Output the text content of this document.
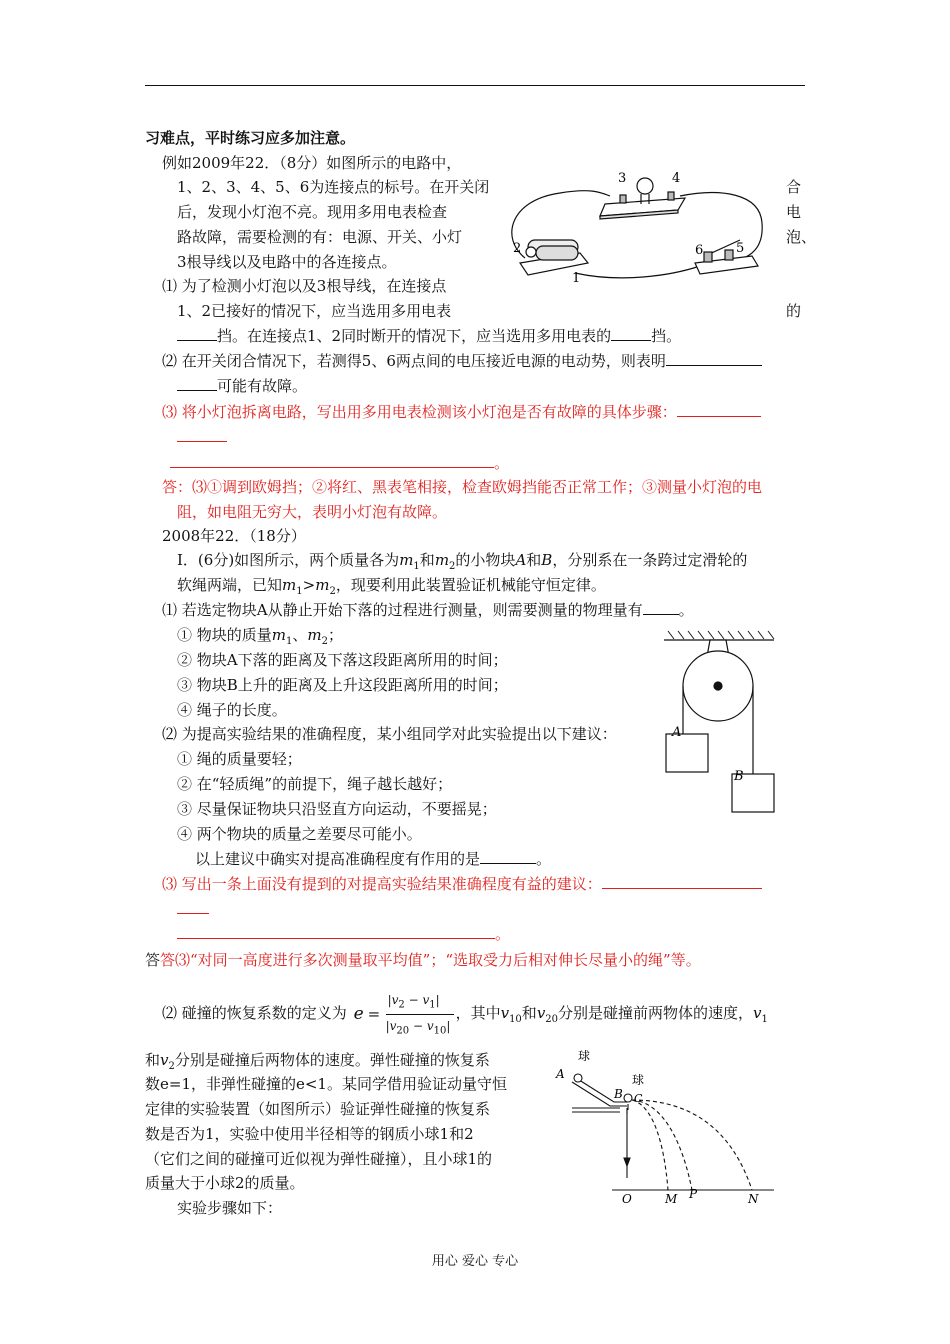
习难点，平时练习应多加注意。
例如2009年22．（8分）如图所示的电路中，
1、2、3、4、5、6为连接点的标号。在开关闭	合
后，发现小灯泡不亮。现用多用电表检查	电
路故障，需要检测的有：电源、开关、小灯	泡、
3根导线以及电路中的各连接点。
⑴ 为了检测小灯泡以及3根导线，在连接点
1、2已接好的情况下，应当选用多用电表	的
挡。在连接点1、2同时断开的情况下，应当选用多用电表的	挡。
⑵ 在开关闭合情况下，若测得5、6两点间的电压接近电源的电动势，则表明
可能有故障。
⑶ 将小灯泡拆离电路，写出用多用电表检测该小灯泡是否有故障的具体步骤：
。
答：⑶①调到欧姆挡；②将红、黑表笔相接，检查欧姆挡能否正常工作；③测量小灯泡的电
阻，如电阻无穷大，表明小灯泡有故障。
3	4
2	6	5
1
2008年22．（18分）
Ⅰ．(6分)如图所示，两个质量各为$m_1$和$m_2$的小物块A和B，分别系在一条跨过定滑轮的
软绳两端，已知$m_1>m_2$，现要利用此装置验证机械能守恒定律。
⑴ 若选定物块A从静止开始下落的过程进行测量，则需要测量的物理量有 。
① 物块的质量$m_1$、$m_2$；
② 物块A下落的距离及下落这段距离所用的时间；
③ 物块B上升的距离及上升这段距离所用的时间；
④ 绳子的长度。
⑵ 为提高实验结果的准确程度，某小组同学对此实验提出以下建议：
① 绳的质量要轻；
② 在“轻质绳”的前提下，绳子越长越好；
③ 尽量保证物块只沿竖直方向运动，不要摇晃；
④ 两个物块的质量之差要尽可能小。
以上建议中确实对提高准确程度有作用的是	。
⑶ 写出一条上面没有提到的对提高实验结果准确程度有益的建议：
。
答答⑶“对同一高度进行多次测量取平均值”；“选取受力后相对伸长尽量小的绳”等。
A
B
⑵ 碰撞的恢复系数的定义为 e =
$|v_2 - v_1|$
$|v_{20} - v_{10}|$
，其中$v_{10}$和$v_{20}$分别是碰撞前两物体的速度，$v_1$
和$v_2$分别是碰撞后两物体的速度。弹性碰撞的恢复系
数e=1，非弹性碰撞的e<1。某同学借用验证动量守恒
定律的实验装置（如图所示）验证弹性碰撞的恢复系
数是否为1，实验中使用半径相等的钢质小球1和2
（它们之间的碰撞可近似视为弹性碰撞），且小球1的
质量大于小球2的质量。
实验步骤如下：
球
A
B
球
C
O	M P	N
用心 爱心 专心
